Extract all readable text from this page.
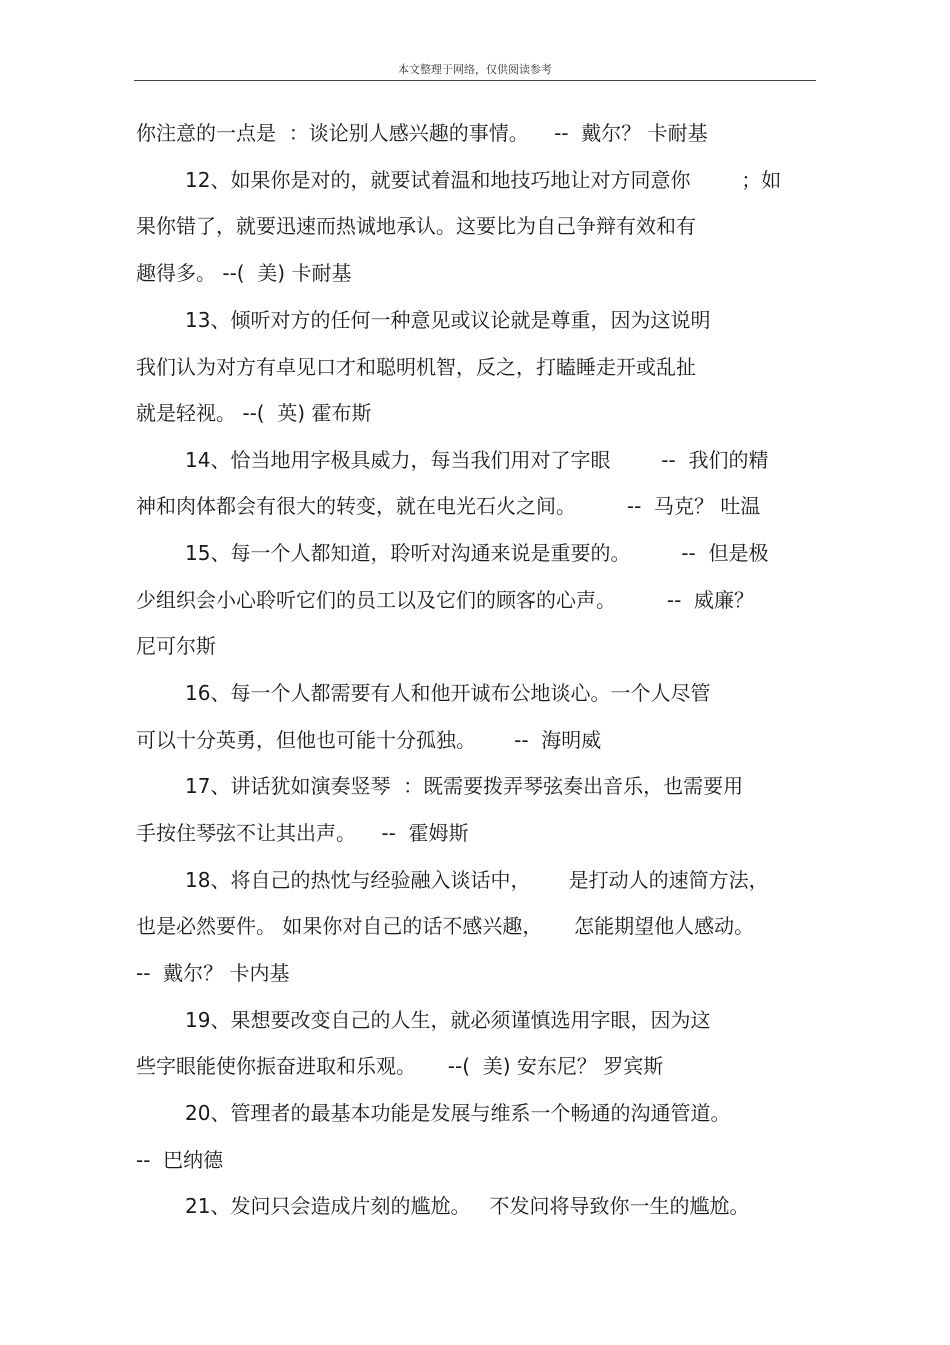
本文整理于网络，仅供阅读参考
你注意的一点是  ：谈论别人感兴趣的事情。    --  戴尔？ 卡耐基
12、如果你是对的，就要试着温和地技巧地让对方同意你        ；如
果你错了，就要迅速而热诚地承认。这要比为自己争辩有效和有
趣得多。 --(  美) 卡耐基
13、倾听对方的任何一种意见或议论就是尊重，因为这说明
我们认为对方有卓见口才和聪明机智，反之，打瞌睡走开或乱扯
就是轻视。 --(  英) 霍布斯
14、恰当地用字极具威力，每当我们用对了字眼        --  我们的精
神和肉体都会有很大的转变，就在电光石火之间。        --  马克？ 吐温
15、每一个人都知道，聆听对沟通来说是重要的。        --  但是极
少组织会小心聆听它们的员工以及它们的顾客的心声。        --  威廉？
尼可尔斯
16、每一个人都需要有人和他开诚布公地谈心。一个人尽管
可以十分英勇，但他也可能十分孤独。      --  海明威
17、讲话犹如演奏竖琴  ：既需要拨弄琴弦奏出音乐，也需要用
手按住琴弦不让其出声。    --  霍姆斯
18、将自己的热忱与经验融入谈话中，      是打动人的速简方法，
也是必然要件。 如果你对自己的话不感兴趣，     怎能期望他人感动。
--  戴尔？ 卡内基
19、果想要改变自己的人生，就必须谨慎选用字眼，因为这
些字眼能使你振奋进取和乐观。     --(  美) 安东尼？ 罗宾斯
20、管理者的最基本功能是发展与维系一个畅通的沟通管道。
--  巴纳德
21、发问只会造成片刻的尴尬。   不发问将导致你一生的尴尬。
